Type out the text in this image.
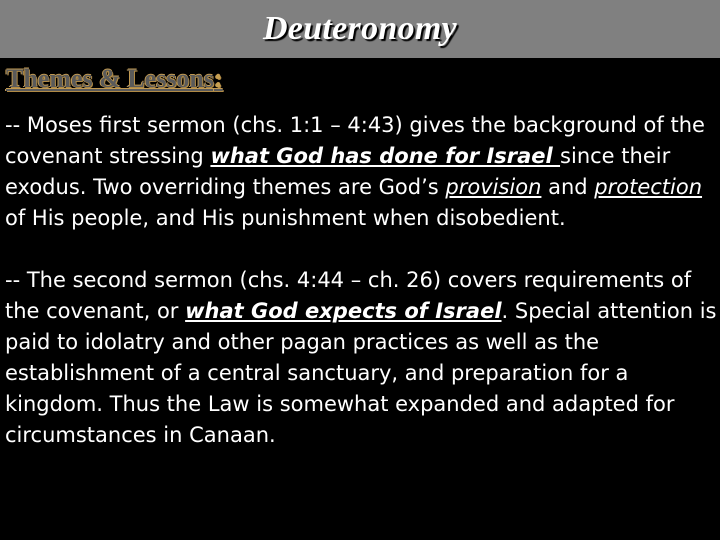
Deuteronomy
Themes & Lessons:

-- Moses first sermon (chs. 1:1 – 4:43) gives the background of the covenant stressing what God has done for Israel since their exodus. Two overriding themes are God’s provision and protection of His people, and His punishment when disobedient.

-- The second sermon (chs. 4:44 – ch. 26) covers requirements of the covenant, or what God expects of Israel. Special attention is paid to idolatry and other pagan practices as well as the establishment of a central sanctuary, and preparation for a kingdom. Thus the Law is somewhat expanded and adapted for circumstances in Canaan.
